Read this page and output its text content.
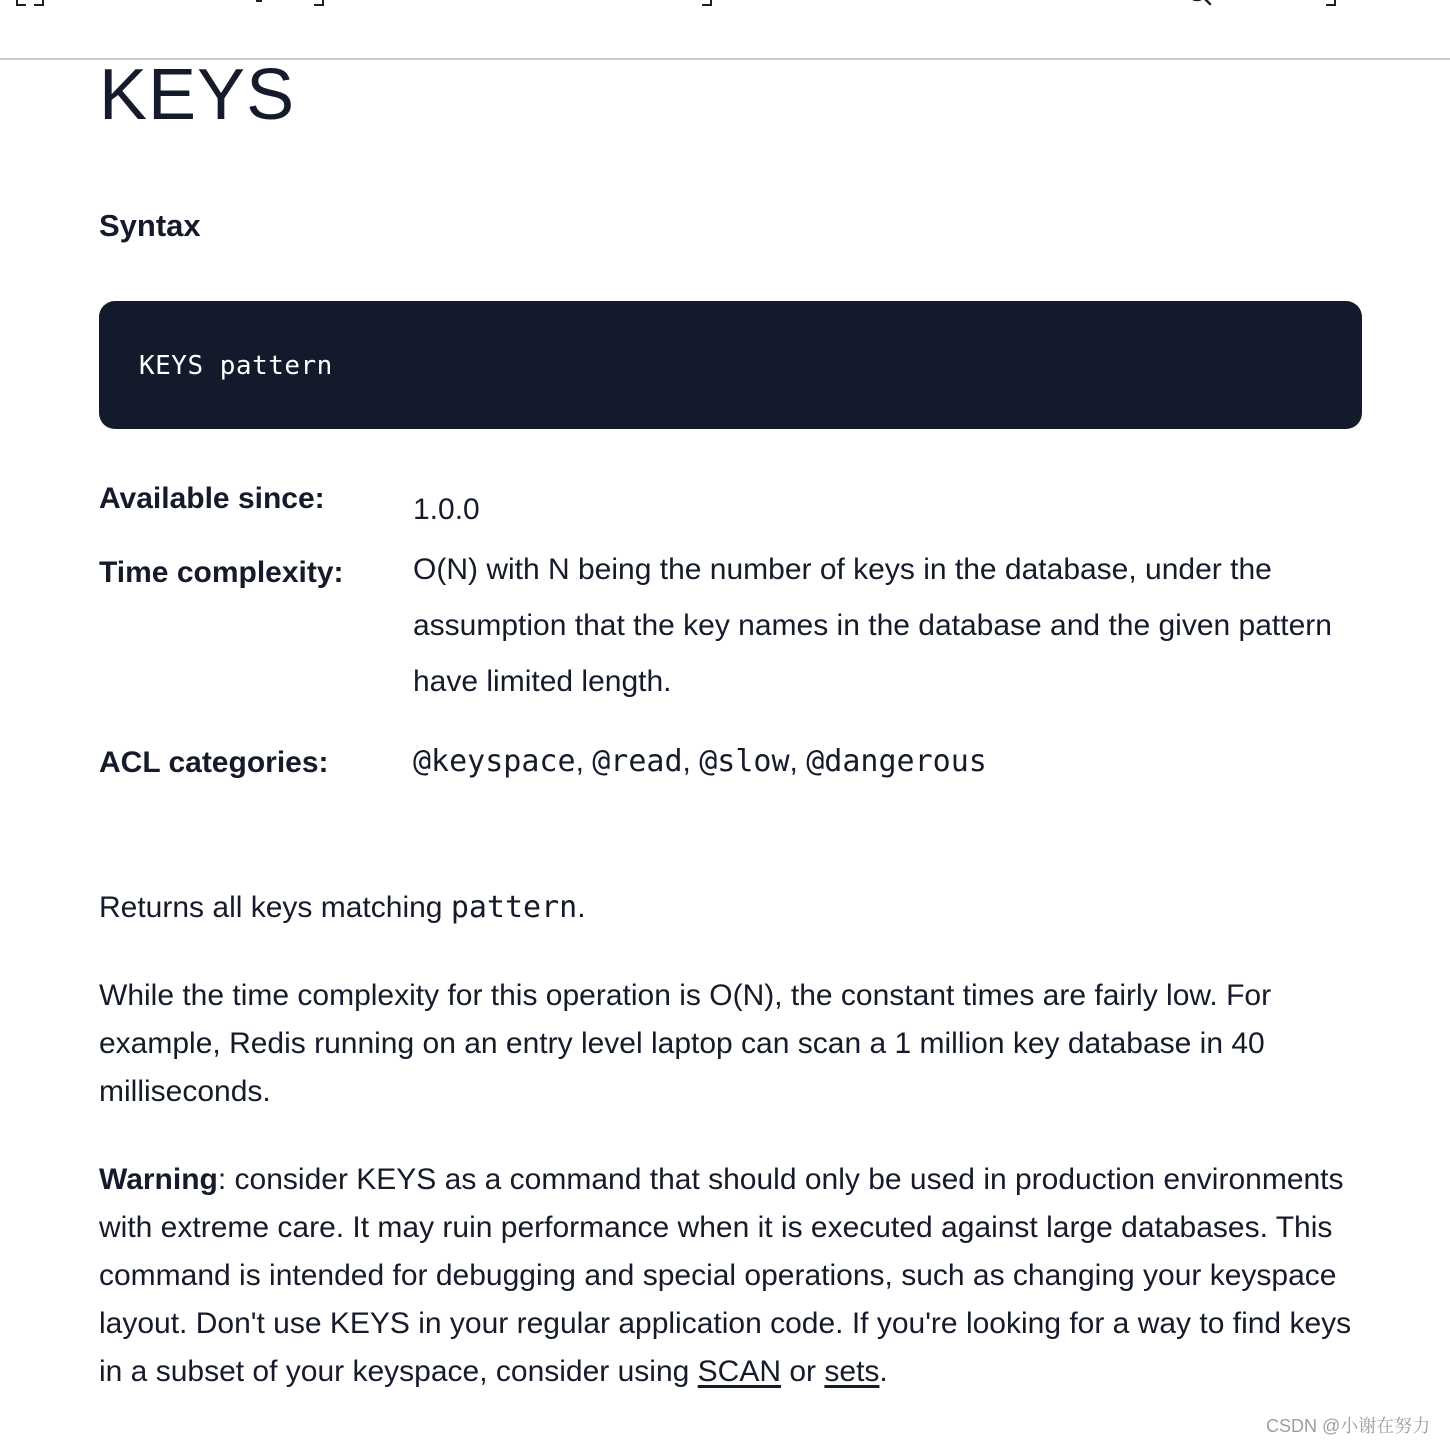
KEYS
Syntax
KEYS pattern
Available since:	1.0.0
Time complexity: O(N) with N being the number of keys in the database, under the assumption that the key names in the database and the given pattern have limited length.
ACL categories:	@keyspace, @read, @slow, @dangerous

Returns all keys matching pattern.

While the time complexity for this operation is O(N), the constant times are fairly low. For example, Redis running on an entry level laptop can scan a 1 million key database in 40 milliseconds.

Warning: consider KEYS as a command that should only be used in production environments with extreme care. It may ruin performance when it is executed against large databases. This command is intended for debugging and special operations, such as changing your keyspace layout. Don't use KEYS in your regular application code. If you're looking for a way to find keys in a subset of your keyspace, consider using SCAN or sets.

CSDN @小谢在努力
